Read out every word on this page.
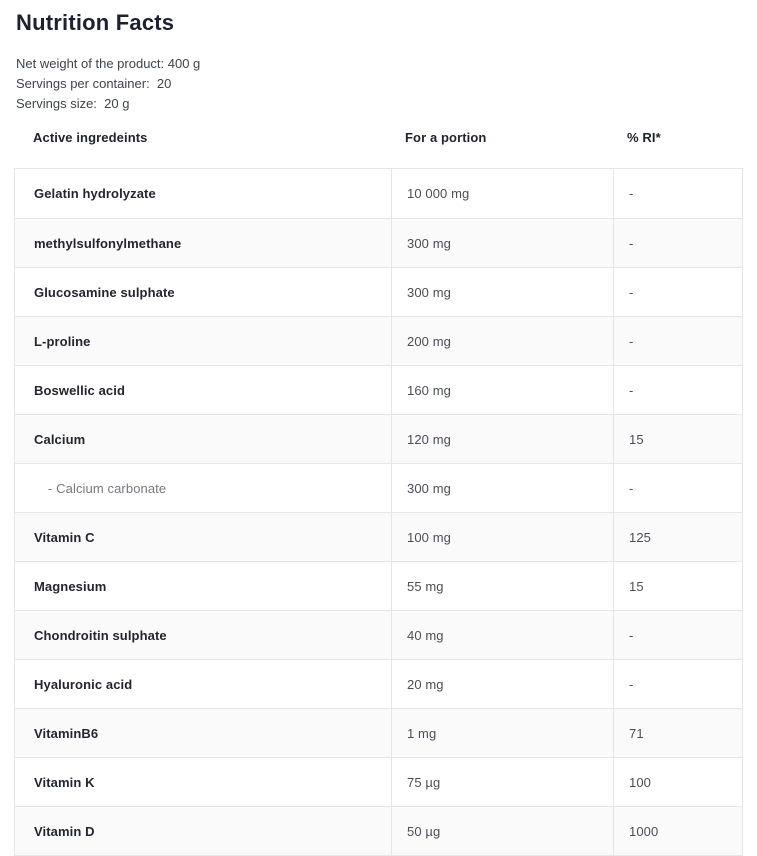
Nutrition Facts
Net weight of the product: 400 g
Servings per container:  20
Servings size:  20 g
Active ingredeints	For a portion	% RI*
Gelatin hydrolyzate	10 000 mg	-
methylsulfonylmethane	300 mg	-
Glucosamine sulphate	300 mg	-
L-proline	200 mg	-
Boswellic acid	160 mg	-
Calcium	120 mg	15
- Calcium carbonate	300 mg	-
Vitamin C	100 mg	125
Magnesium	55 mg	15
Chondroitin sulphate	40 mg	-
Hyaluronic acid	20 mg	-
VitaminB6	1 mg	71
Vitamin K	75 µg	100
Vitamin D	50 µg	1000
